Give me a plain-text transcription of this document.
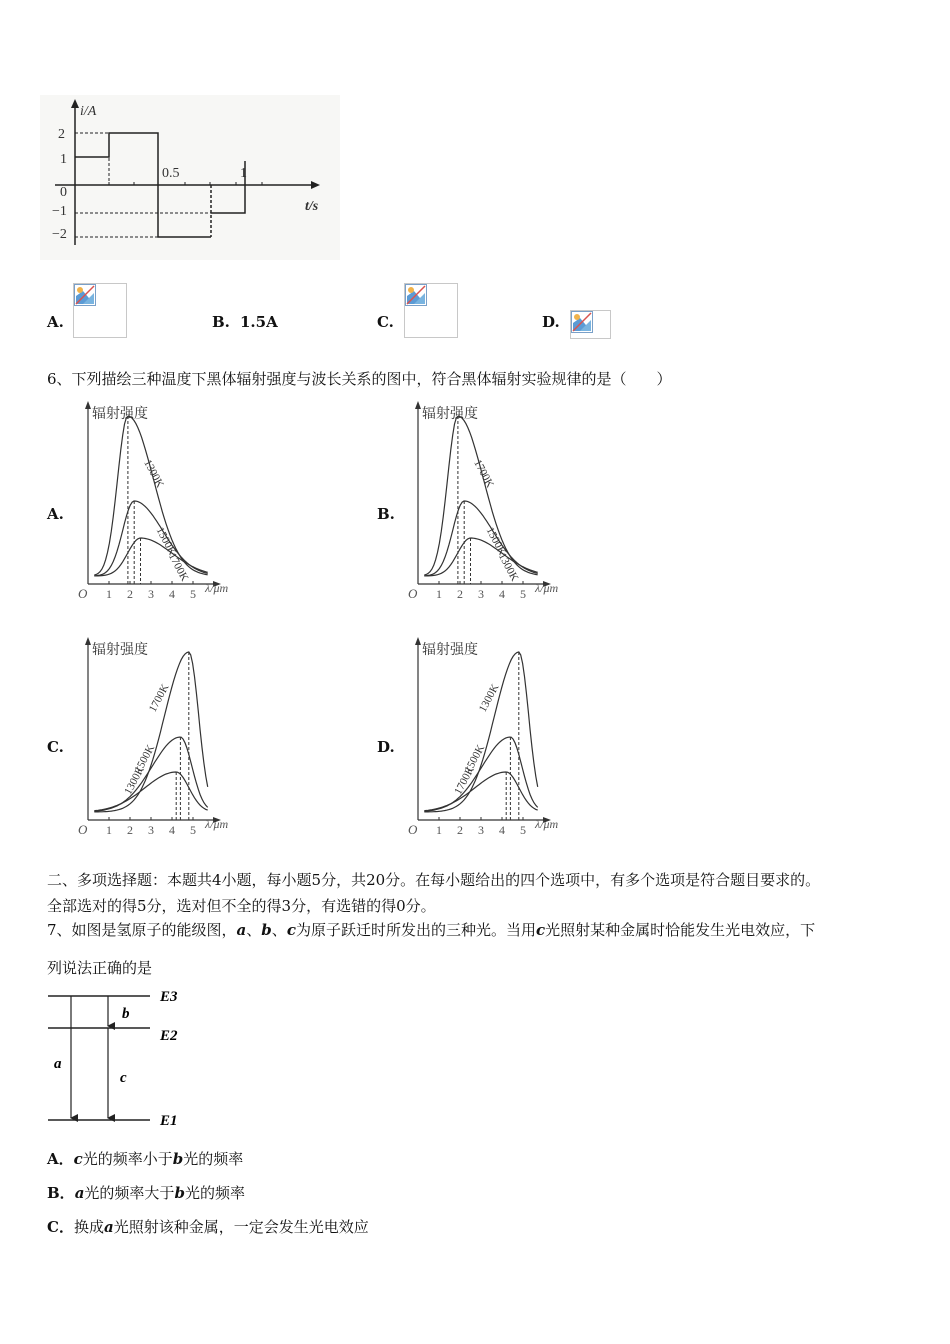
i/A
t/s
2
1
0
−1
−2
0.5	1
A.	B. 1.5A	C.	D.
6、下列描绘三种温度下黑体辐射强度与波长关系的图中，符合黑体辐射实验规律的是（　　）
A.	B.
C.	D.
辐射强度
O 1 2 3 4 5 λ/μm
1300K
1500K
1700K
辐射强度
O 1 2 3 4 5 λ/μm
1700K
1500K
1300K
辐射强度
O 1 2 3 4 5 λ/μm
1700K
1500K
1300K
辐射强度
O 1 2 3 4 5 λ/μm
1300K
1500K
1700K
二、多项选择题：本题共4小题，每小题5分，共20分。在每小题给出的四个选项中，有多个选项是符合题目要求的。
全部选对的得5分，选对但不全的得3分，有选错的得0分。
7、如图是氢原子的能级图，a、b、c为原子跃迁时所发出的三种光。当用c光照射某种金属时恰能发生光电效应，下
列说法正确的是
a
b
c
E3
E2
E1
A．c光的频率小于b光的频率
B．a光的频率大于b光的频率
C．换成a光照射该种金属，一定会发生光电效应
